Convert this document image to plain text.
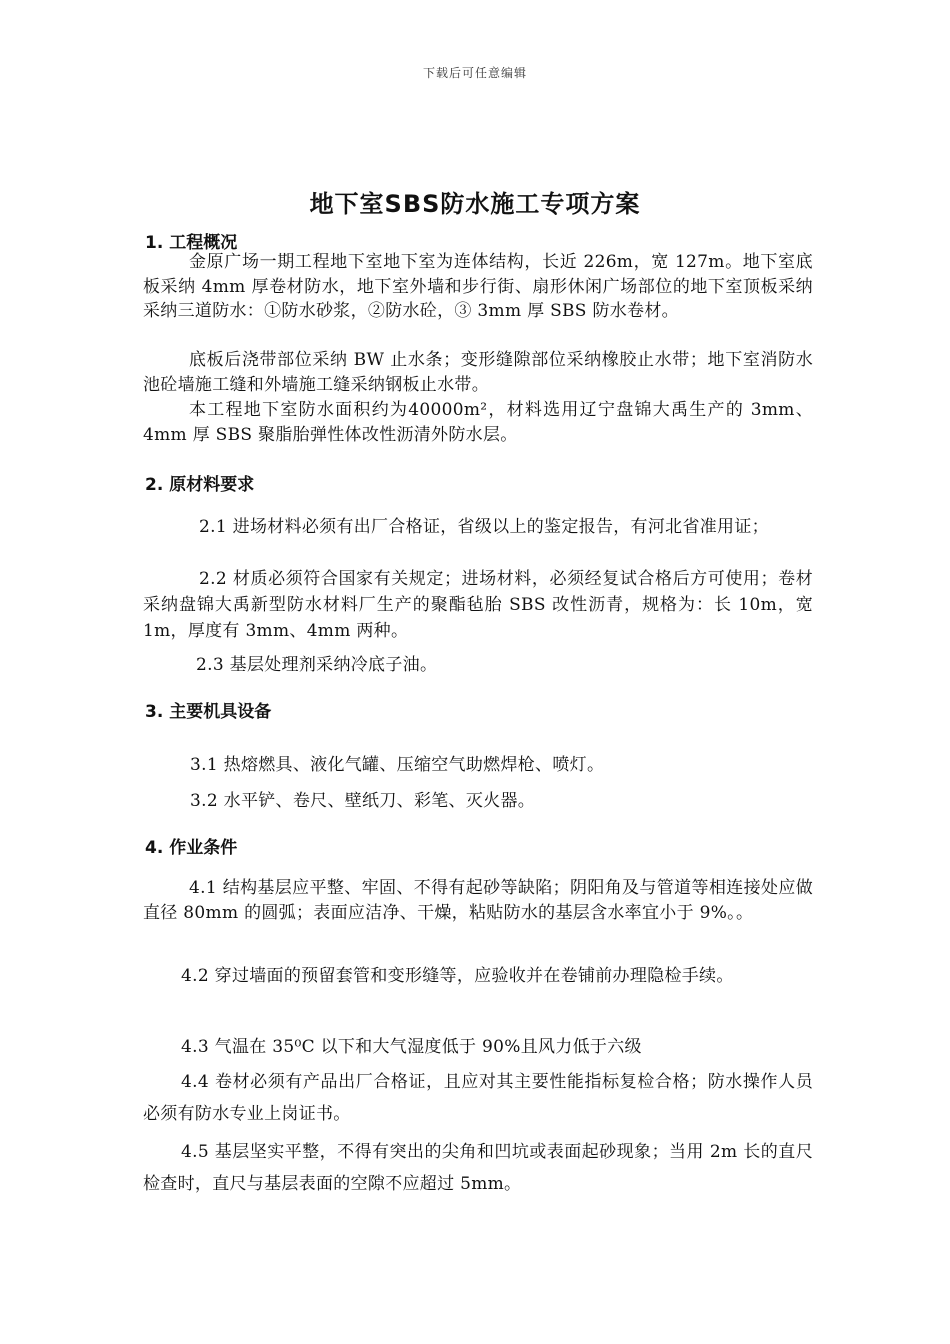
下载后可任意编辑
地下室SBS防水施工专项方案
1. 工程概况
金原广场一期工程地下室地下室为连体结构，长近 226m，宽 127m。地下室底板采纳 4mm 厚卷材防水，地下室外墙和步行街、扇形休闲广场部位的地下室顶板采纳采纳三道防水：①防水砂浆，②防水砼，③ 3mm 厚 SBS 防水卷材。
底板后浇带部位采纳 BW 止水条；变形缝隙部位采纳橡胶止水带；地下室消防水池砼墙施工缝和外墙施工缝采纳钢板止水带。
本工程地下室防水面积约为40000m²，材料选用辽宁盘锦大禹生产的 3mm、4mm 厚 SBS 聚脂胎弹性体改性沥清外防水层。
2. 原材料要求
2.1 进场材料必须有出厂合格证，省级以上的鉴定报告，有河北省准用证；
2.2 材质必须符合国家有关规定；进场材料，必须经复试合格后方可使用；卷材采纳盘锦大禹新型防水材料厂生产的聚酯毡胎 SBS 改性沥青，规格为：长 10m，宽 1m，厚度有 3mm、4mm 两种。
2.3 基层处理剂采纳冷底子油。
3. 主要机具设备
3.1 热熔燃具、液化气罐、压缩空气助燃焊枪、喷灯。
3.2 水平铲、卷尺、壁纸刀、彩笔、灭火器。
4. 作业条件
4.1 结构基层应平整、牢固、不得有起砂等缺陷；阴阳角及与管道等相连接处应做直径 80mm 的圆弧；表面应洁净、干燥，粘贴防水的基层含水率宜小于 9%。。
4.2 穿过墙面的预留套管和变形缝等，应验收并在卷铺前办理隐检手续。
4.3 气温在 35⁰C 以下和大气湿度低于 90%且风力低于六级
4.4 卷材必须有产品出厂合格证，且应对其主要性能指标复检合格；防水操作人员必须有防水专业上岗证书。
4.5 基层坚实平整，不得有突出的尖角和凹坑或表面起砂现象；当用 2m 长的直尺检查时，直尺与基层表面的空隙不应超过 5mm。
